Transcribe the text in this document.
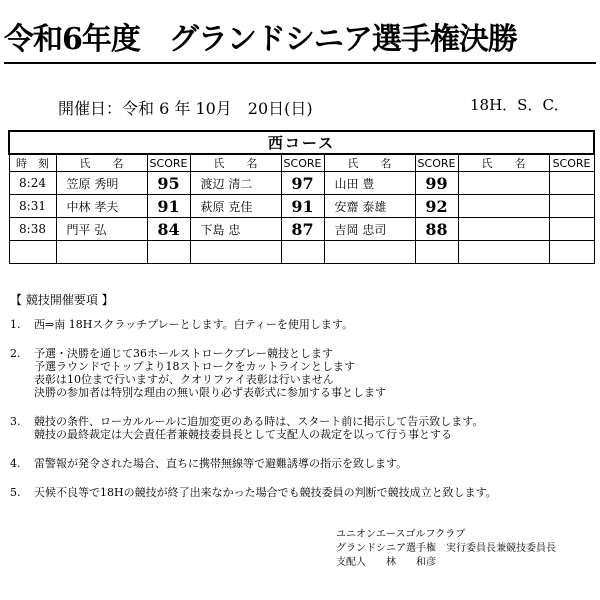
令和6年度　グランドシニア選手権決勝
開催日：令和 6 年 10月　20日(日)	18H．S．C．
西コース								
時　刻	氏　　名	SCORE	氏　　名	SCORE	氏　　名	SCORE	氏　　名	SCORE
8:24	笠原 秀明	95	渡辺 清二	97	山田 豊	99		
8:31	中林 孝夫	91	萩原 克佳	91	安齋 泰雄	92		
8:38	門平 弘	84	下島 忠	87	吉岡 忠司	88		

【 競技開催要項 】
1. 西⇒南 18Hスクラッチプレーとします。白ティーを使用します。
2. 予選・決勝を通じて36ホールストロークプレー競技とします
予選ラウンドでトップより18ストロークをカットラインとします
表彰は10位まで行いますが、クオリファイ表彰は行いません
決勝の参加者は特別な理由の無い限り必ず表彰式に参加する事とします
3. 競技の条件、ローカルルールに追加変更のある時は、スタート前に掲示して告示致します。
競技の最終裁定は大会責任者兼競技委員長として支配人の裁定を以って行う事とする
4. 雷警報が発令された場合、直ちに携帯無線等で避難誘導の指示を致します。
5. 天候不良等で18Hの競技が終了出来なかった場合でも競技委員の判断で競技成立と致します。
ユニオンエースゴルフクラブ
グランドシニア選手権　実行委員長兼競技委員長
支配人　　林　　和彦
